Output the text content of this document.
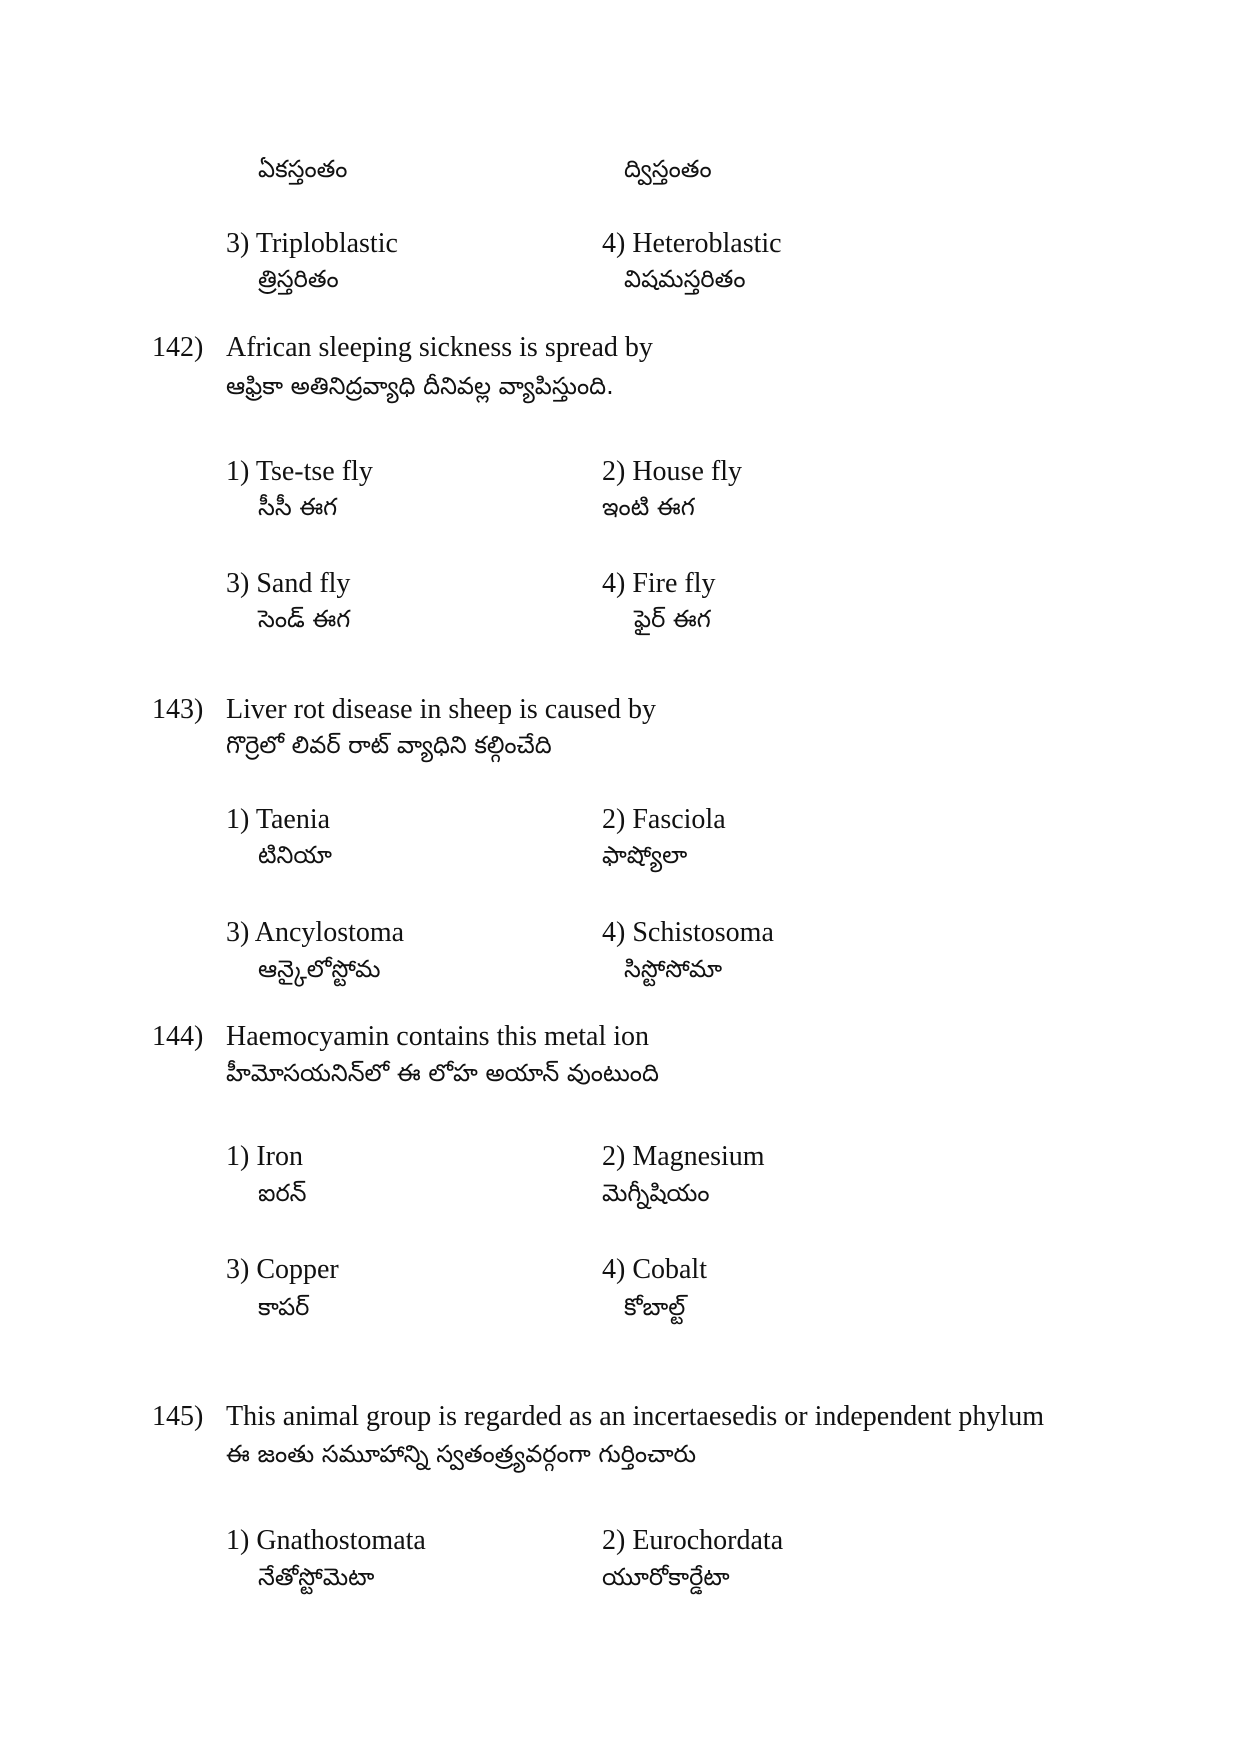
ఏకస్తంతం	ద్విస్తంతం
3) Triploblastic	4) Heteroblastic
త్రిస్తరితం	విషమస్తరితం
142) African sleeping sickness is spread by
ఆఫ్రికా అతినిద్రవ్యాధి దీనివల్ల వ్యాపిస్తుంది.
1) Tse-tse fly	2) House fly
సీసీ ఈగ	ఇంటి ఈగ
3) Sand fly	4) Fire fly
సెండ్ ఈగ	ఫైర్ ఈగ
143) Liver rot disease in sheep is caused by
గొర్రెలో లివర్ రాట్ వ్యాధిని కల్గించేది
1) Taenia	2) Fasciola
టినియా	ఫాష్యోలా
3) Ancylostoma	4) Schistosoma
ఆన్కైలోస్టోమ	సిస్టోసోమా
144) Haemocyamin contains this metal ion
హీమోసయనిన్‌లో ఈ లోహ అయాన్ వుంటుంది
1) Iron	2) Magnesium
ఐరన్	మెగ్నీషియం
3) Copper	4) Cobalt
కాపర్	కోబాల్ట్
145) This animal group is regarded as an incertaesedis or independent phylum
ఈ జంతు సమూహాన్ని స్వతంత్ర్యవర్గంగా గుర్తించారు
1) Gnathostomata	2) Eurochordata
నేతోస్టోమెటా	యూరోకార్డేటా
